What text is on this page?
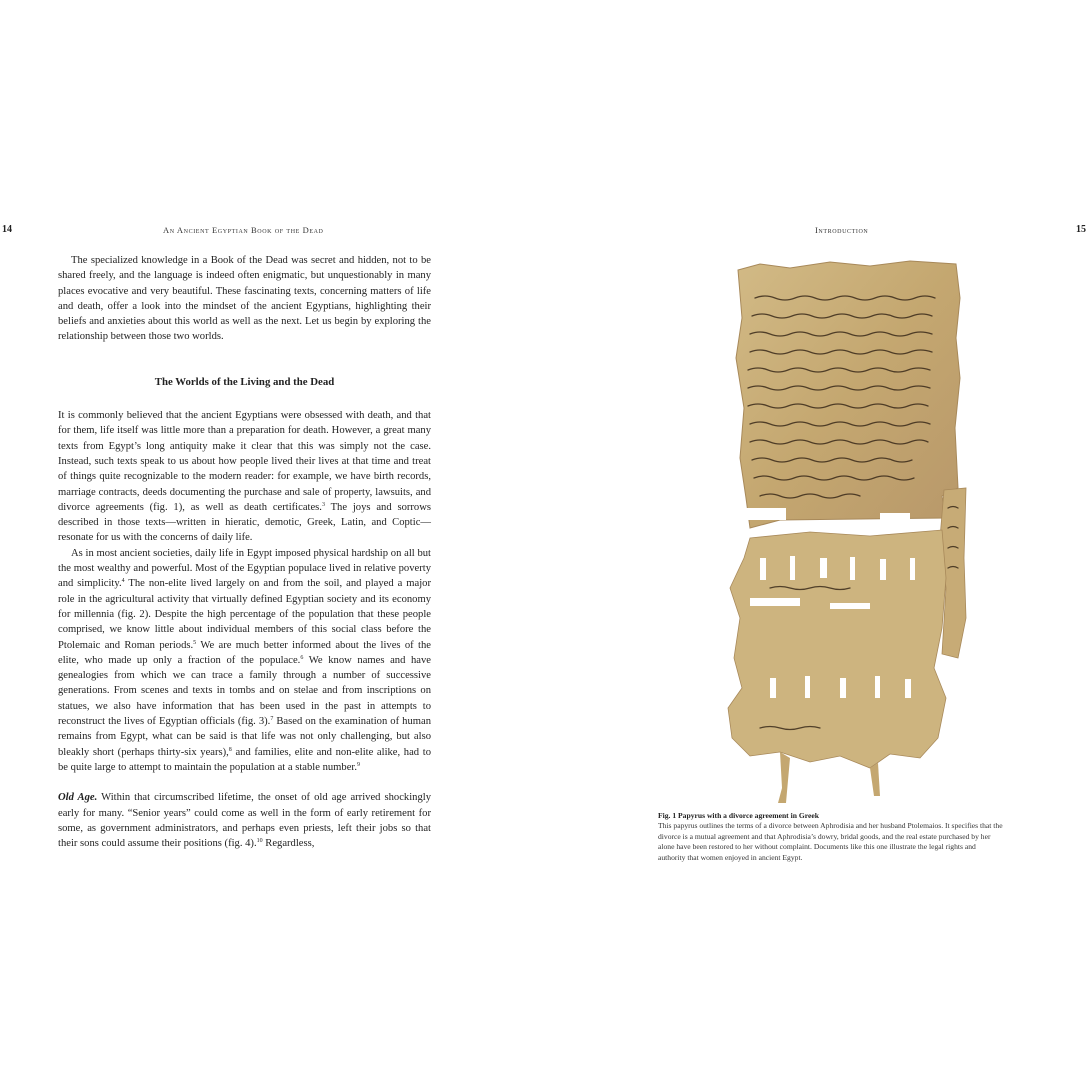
14	An Ancient Egyptian Book of the Dead

The specialized knowledge in a Book of the Dead was secret and hidden, not to be shared freely, and the language is indeed often enigmatic, but unquestionably in many places evocative and very beautiful. These fascinating texts, concerning matters of life and death, offer a look into the mindset of the ancient Egyptians, highlighting their beliefs and anxieties about this world as well as the next. Let us begin by exploring the relationship between those two worlds.

The Worlds of the Living and the Dead

It is commonly believed that the ancient Egyptians were obsessed with death, and that for them, life itself was little more than a preparation for death. However, a great many texts from Egypt’s long antiquity make it clear that this was simply not the case. Instead, such texts speak to us about how people lived their lives at that time and treat of things quite recognizable to the modern reader: for example, we have birth records, marriage contracts, deeds documenting the purchase and sale of property, lawsuits, and divorce agreements (fig. 1), as well as death certificates.$^3$ The joys and sorrows described in those texts—written in hieratic, demotic, Greek, Latin, and Coptic—resonate for us with the concerns of daily life.

As in most ancient societies, daily life in Egypt imposed physical hardship on all but the most wealthy and powerful. Most of the Egyptian populace lived in relative poverty and simplicity.$^4$ The non-elite lived largely on and from the soil, and played a major role in the agricultural activity that virtually defined Egyptian society and its economy for millennia (fig. 2). Despite the high percentage of the population that these people comprised, we know little about individual members of this social class before the Ptolemaic and Roman periods.$^5$ We are much better informed about the lives of the elite, who made up only a fraction of the populace.$^6$ We know names and have genealogies from which we can trace a family through a number of successive generations. From scenes and texts in tombs and on stelae and from inscriptions on statues, we also have information that has been used in the past in attempts to reconstruct the lives of Egyptian officials (fig. 3).$^7$ Based on the examination of human remains from Egypt, what can be said is that life was not only challenging, but also bleakly short (perhaps thirty-six years),$^8$ and families, elite and non-elite alike, had to be quite large to attempt to maintain the population at a stable number.$^9$

Old Age. Within that circumscribed lifetime, the onset of old age arrived shockingly early for many. “Senior years” could come as well in the form of early retirement for some, as government administrators, and perhaps even priests, left their jobs so that their sons could assume their positions (fig. 4).$^{10}$ Regardless,

Introduction	15

Fig. 1 Papyrus with a divorce agreement in Greek

This papyrus outlines the terms of a divorce between Aphrodisia and her husband Ptolemaios. It specifies that the divorce is a mutual agreement and that Aphrodisia’s dowry, bridal goods, and the real estate purchased by her alone have been restored to her without complaint. Documents like this one illustrate the legal rights and authority that women enjoyed in ancient Egypt.
